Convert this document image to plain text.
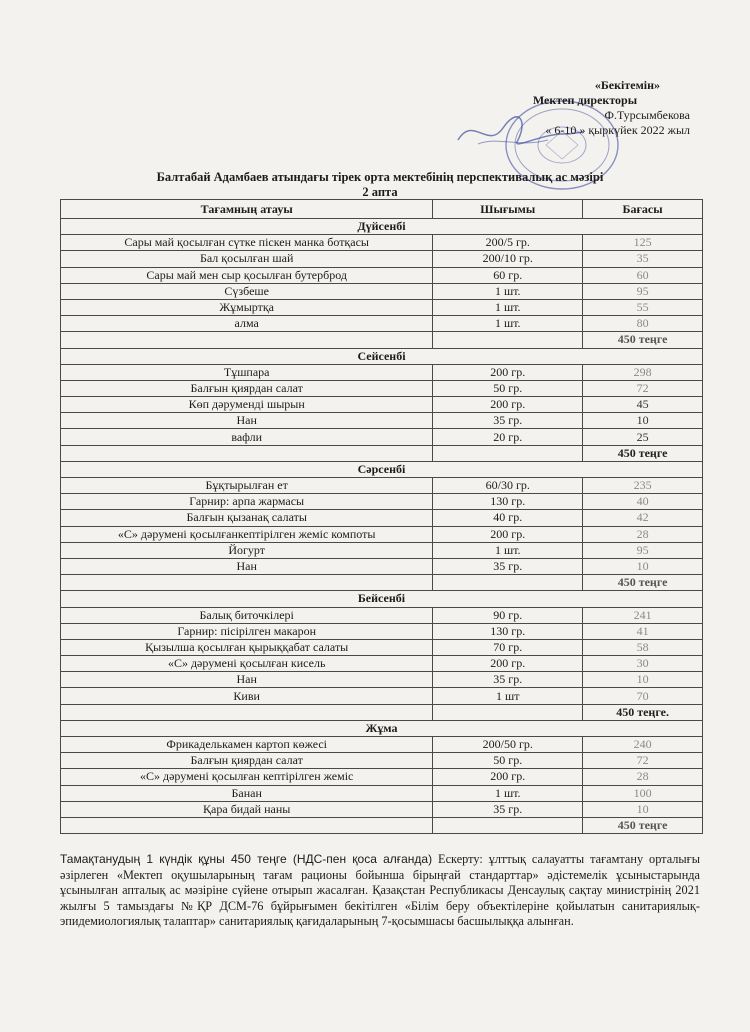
«Бекітемін»
Мектеп директоры
Ф.Турсымбекова
« 6-10 » қыркүйек 2022 жыл
Балтабай Адамбаев атындағы тірек орта мектебінің перспективалық ас мәзірі
2 апта
Тағамның атауы	Шығымы	Бағасы
Дүйсенбі		
Сары май қосылған сүтке піскен манка ботқасы	200/5 гр.	125
Бал қосылған шай	200/10 гр.	35
Сары май мен сыр қосылған бутерброд	60 гр.	60
Сүзбеше	1 шт.	95
Жұмыртқа	1 шт.	55
алма	1 шт.	80
		450 теңге
Сейсенбі		
Тұшпара	200 гр.	298
Балғын қиярдан салат	50 гр.	72
Көп дәруменді шырын	200 гр.	45
Нан	35 гр.	10
вафли	20 гр.	25
		450 теңге
Сәрсенбі		
Бұқтырылған ет	60/30 гр.	235
Гарнир: арпа жармасы	130 гр.	40
Балғын қызанақ салаты	40 гр.	42
«С» дәрумені қосылғанкептірілген жеміс компоты	200 гр.	28
Йогурт	1 шт.	95
Нан	35 гр.	10
		450 теңге
Бейсенбі		
Балық биточкілері	90 гр.	241
Гарнир: пісірілген макарон	130 гр.	41
Қызылша қосылған қырыққабат салаты	70 гр.	58
«С» дәрумені қосылған кисель	200 гр.	30
Нан	35 гр.	10
Киви	1 шт	70
		450 теңге.
Жұма		
Фрикаделькамен картоп көжесі	200/50 гр.	240
Балғын қиярдан салат	50 гр.	72
«С» дәрумені қосылған кептірілген жеміс	200 гр.	28
Банан	1 шт.	100
Қара бидай наны	35 гр.	10
		450 теңге
Тамақтанудың 1 күндік құны 450 теңге (НДС-пен қоса алғанда) Ескерту: ұлттық салауатты тағамтану орталығы әзірлеген «Мектеп оқушыларының тағам рационы бойынша бірыңғай стандарттар» әдістемелік ұсыныстарында ұсынылған апталық ас мәзіріне сүйене отырып жасалған. Қазақстан Республикасы Денсаулық сақтау министрінің 2021 жылғы 5 тамыздағы №ҚР ДСМ-76 бұйрығымен бекітілген «Білім беру объектілеріне қойылатын санитариялық-эпидемиологиялық талаптар» санитариялық қағидаларының 7-қосымшасы басшылыққа алынған.
